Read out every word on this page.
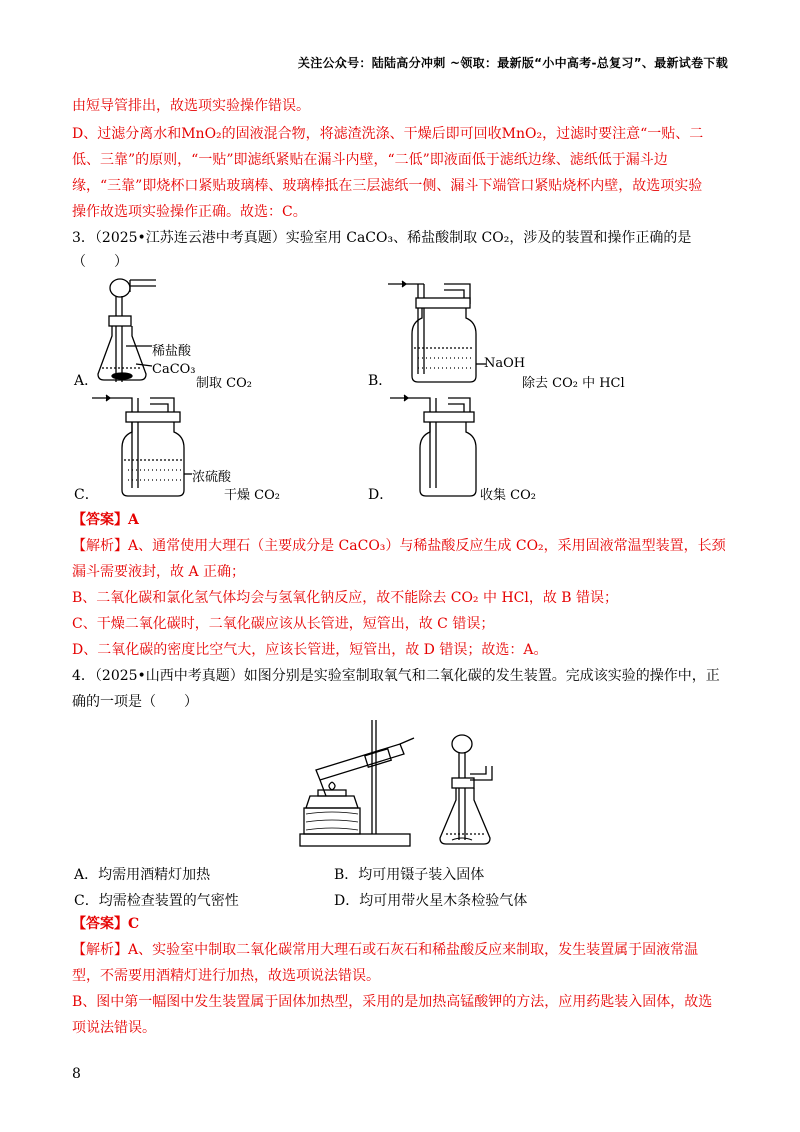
关注公众号：陆陆高分冲刺 ~领取：最新版“小中高考-总复习”、最新试卷下载
由短导管排出，故选项实验操作错误。
D、过滤分离水和MnO₂的固液混合物，将滤渣洗涤、干燥后即可回收MnO₂，过滤时要注意“一贴、二
低、三靠”的原则，“一贴”即滤纸紧贴在漏斗内壁，“二低”即液面低于滤纸边缘、滤纸低于漏斗边
缘，“三靠”即烧杯口紧贴玻璃棒、玻璃棒抵在三层滤纸一侧、漏斗下端管口紧贴烧杯内壁，故选项实验
操作故选项实验操作正确。故选：C。
3．（2025•江苏连云港中考真题）实验室用 CaCO₃、稀盐酸制取 CO₂，涉及的装置和操作正确的是
（　　）
A．
稀盐酸
CaCO₃
制取 CO₂	B．
NaOH
除去 CO₂ 中 HCl
C．
浓硫酸
干燥 CO₂	D．	收集 CO₂
【答案】A
【解析】A、通常使用大理石（主要成分是 CaCO₃）与稀盐酸反应生成 CO₂，采用固液常温型装置，长颈
漏斗需要液封，故 A 正确；
B、二氧化碳和氯化氢气体均会与氢氧化钠反应，故不能除去 CO₂ 中 HCl，故 B 错误；
C、干燥二氧化碳时，二氧化碳应该从长管进，短管出，故 C 错误；
D、二氧化碳的密度比空气大，应该长管进，短管出，故 D 错误；故选：A。
4．（2025•山西中考真题）如图分别是实验室制取氧气和二氧化碳的发生装置。完成该实验的操作中，正
确的一项是（　　）
A．均需用酒精灯加热	B．均可用镊子装入固体
C．均需检查装置的气密性	D．均可用带火星木条检验气体
【答案】C
【解析】A、实验室中制取二氧化碳常用大理石或石灰石和稀盐酸反应来制取，发生装置属于固液常温
型，不需要用酒精灯进行加热，故选项说法错误。
B、图中第一幅图中发生装置属于固体加热型，采用的是加热高锰酸钾的方法，应用药匙装入固体，故选
项说法错误。
8
